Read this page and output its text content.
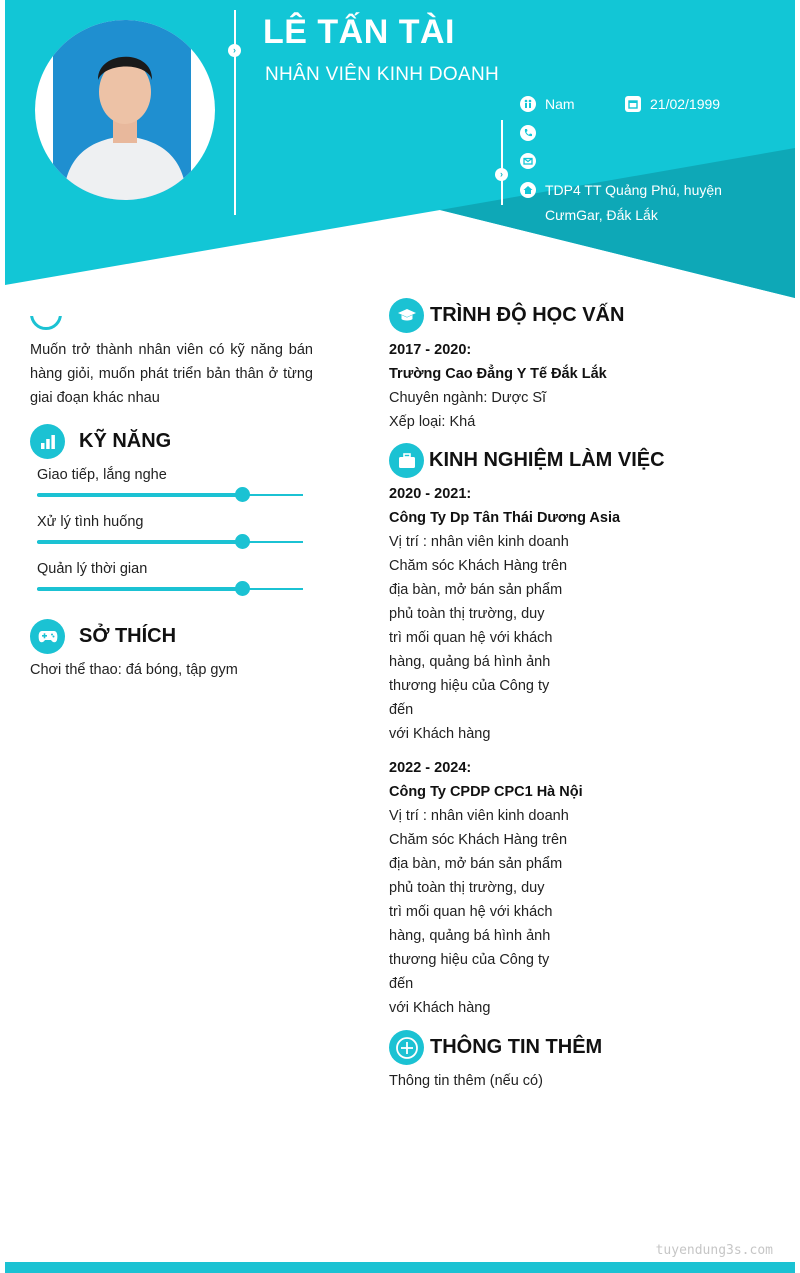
› LÊ TẤN TÀI
NHÂN VIÊN KINH DOANH
›
Nam	21/02/1999
TDP4 TT Quảng Phú, huyện CưmGar, Đắk Lắk
Muốn trở thành nhân viên có kỹ năng bán hàng giỏi, muốn phát triển bản thân ở từng giai đoạn khác nhau
KỸ NĂNG
Giao tiếp, lắng nghe
Xử lý tình huống
Quản lý thời gian
SỞ THÍCH
Chơi thể thao: đá bóng, tập gym
TRÌNH ĐỘ HỌC VẤN
2017 - 2020:
Trường Cao Đẳng Y Tế Đắk Lắk
Chuyên ngành: Dược Sĩ
Xếp loại: Khá
KINH NGHIỆM LÀM VIỆC
2020 - 2021:
Công Ty Dp Tân Thái Dương Asia
Vị trí : nhân viên kinh doanh
Chăm sóc Khách Hàng trên
địa bàn, mở bán sản phẩm
phủ toàn thị trường, duy
trì mối quan hệ với khách
hàng, quảng bá hình ảnh
thương hiệu của Công ty
đến
với Khách hàng
2022 - 2024:
Công Ty CPDP CPC1 Hà Nội
Vị trí : nhân viên kinh doanh
Chăm sóc Khách Hàng trên
địa bàn, mở bán sản phẩm
phủ toàn thị trường, duy
trì mối quan hệ với khách
hàng, quảng bá hình ảnh
thương hiệu của Công ty
đến
với Khách hàng
THÔNG TIN THÊM
Thông tin thêm (nếu có)
tuyendung3s.com
